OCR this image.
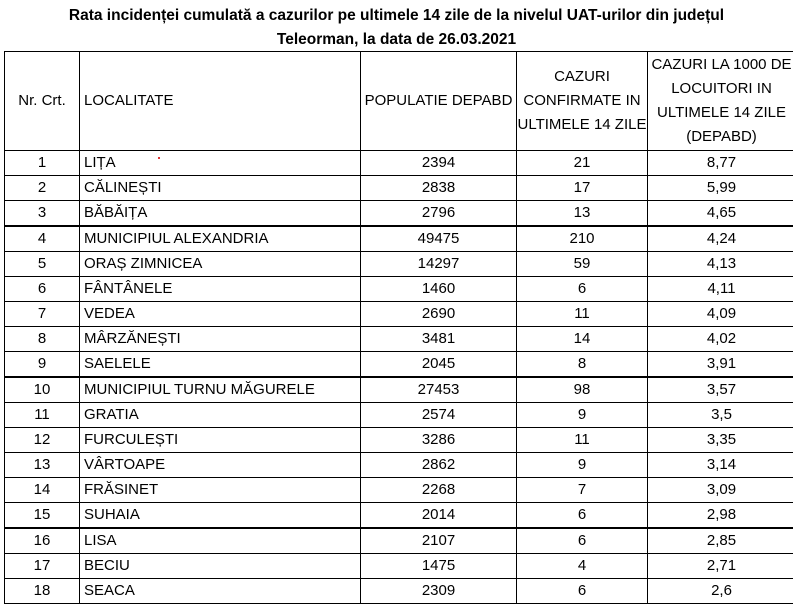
Rata incidenței cumulată a cazurilor pe ultimele 14 zile de la nivelul UAT-urilor din județul
Teleorman, la data de 26.03.2021
Nr. Crt.	LOCALITATE	POPULATIE DEPABD	CAZURI CONFIRMATE IN ULTIMELE 14 ZILE	CAZURI LA 1000 DE LOCUITORI IN ULTIMELE 14 ZILE (DEPABD)
1	LIȚA	2394	21	8,77
2	CĂLINEȘTI	2838	17	5,99
3	BĂBĂIȚA	2796	13	4,65
4	MUNICIPIUL ALEXANDRIA	49475	210	4,24
5	ORAȘ ZIMNICEA	14297	59	4,13
6	FÂNTÂNELE	1460	6	4,11
7	VEDEA	2690	11	4,09
8	MÂRZĂNEȘTI	3481	14	4,02
9	SAELELE	2045	8	3,91
10	MUNICIPIUL TURNU MĂGURELE	27453	98	3,57
11	GRATIA	2574	9	3,5
12	FURCULEȘTI	3286	11	3,35
13	VÂRTOAPE	2862	9	3,14
14	FRĂSINET	2268	7	3,09
15	SUHAIA	2014	6	2,98
16	LISA	2107	6	2,85
17	BECIU	1475	4	2,71
18	SEACA	2309	6	2,6
